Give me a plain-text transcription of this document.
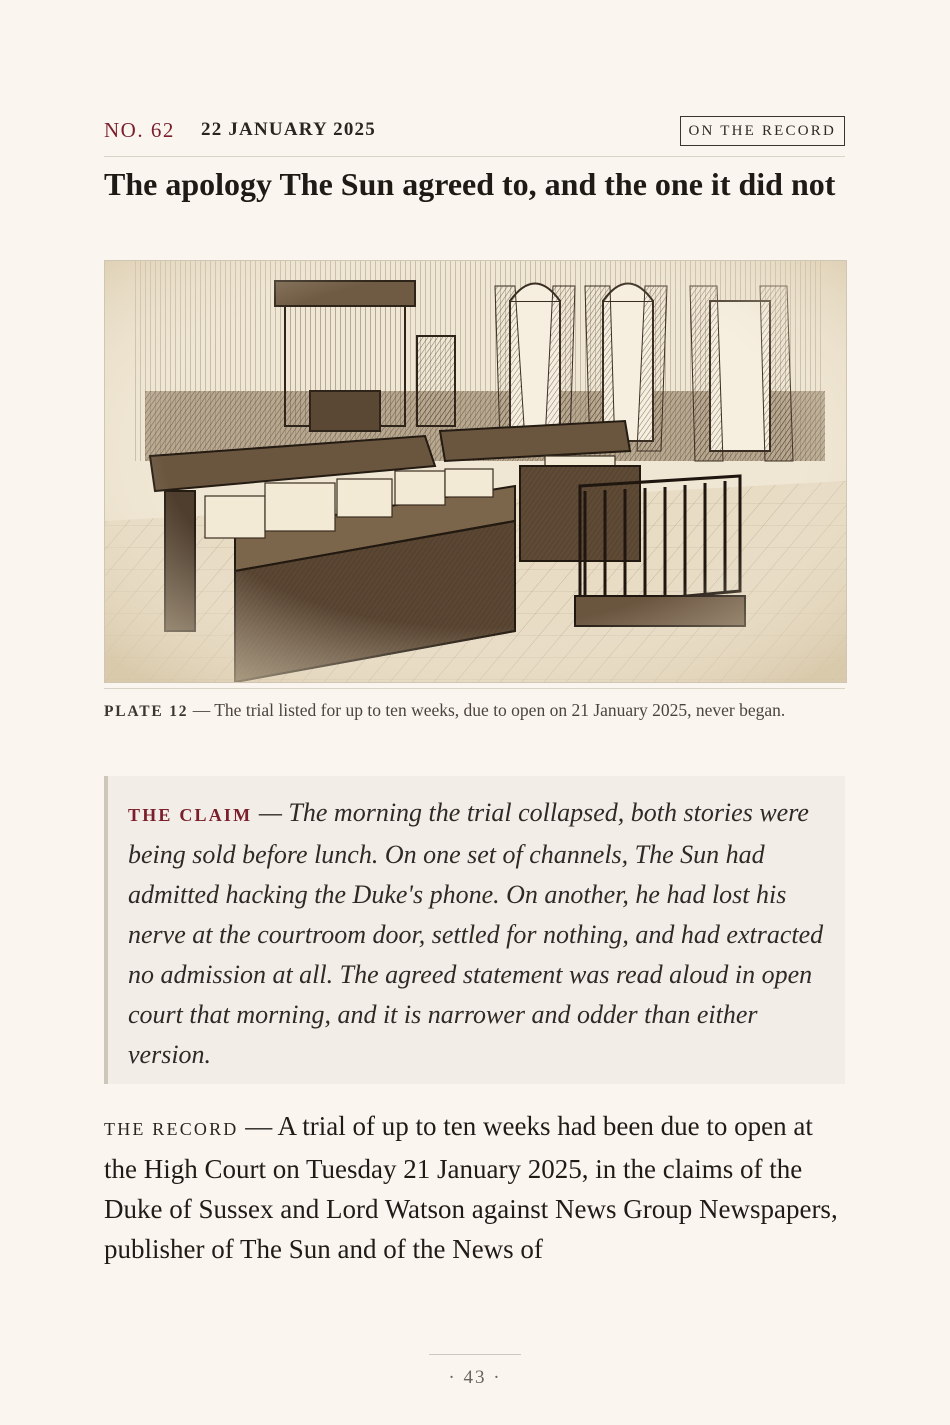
NO. 62 22 JANUARY 2025	ON THE RECORD
The apology The Sun agreed to, and the one it did not
PLATE 12 — The trial listed for up to ten weeks, due to open on 21 January 2025, never began.

THE CLAIM — The morning the trial collapsed, both stories were being sold before lunch. On one set of channels, The Sun had admitted hacking the Duke's phone. On another, he had lost his nerve at the courtroom door, settled for nothing, and had extracted no admission at all. The agreed statement was read aloud in open court that morning, and it is narrower and odder than either version.

THE RECORD — A trial of up to ten weeks had been due to open at the High Court on Tuesday 21 January 2025, in the claims of the Duke of Sussex and Lord Watson against News Group Newspapers, publisher of The Sun and of the News of

· 43 ·
